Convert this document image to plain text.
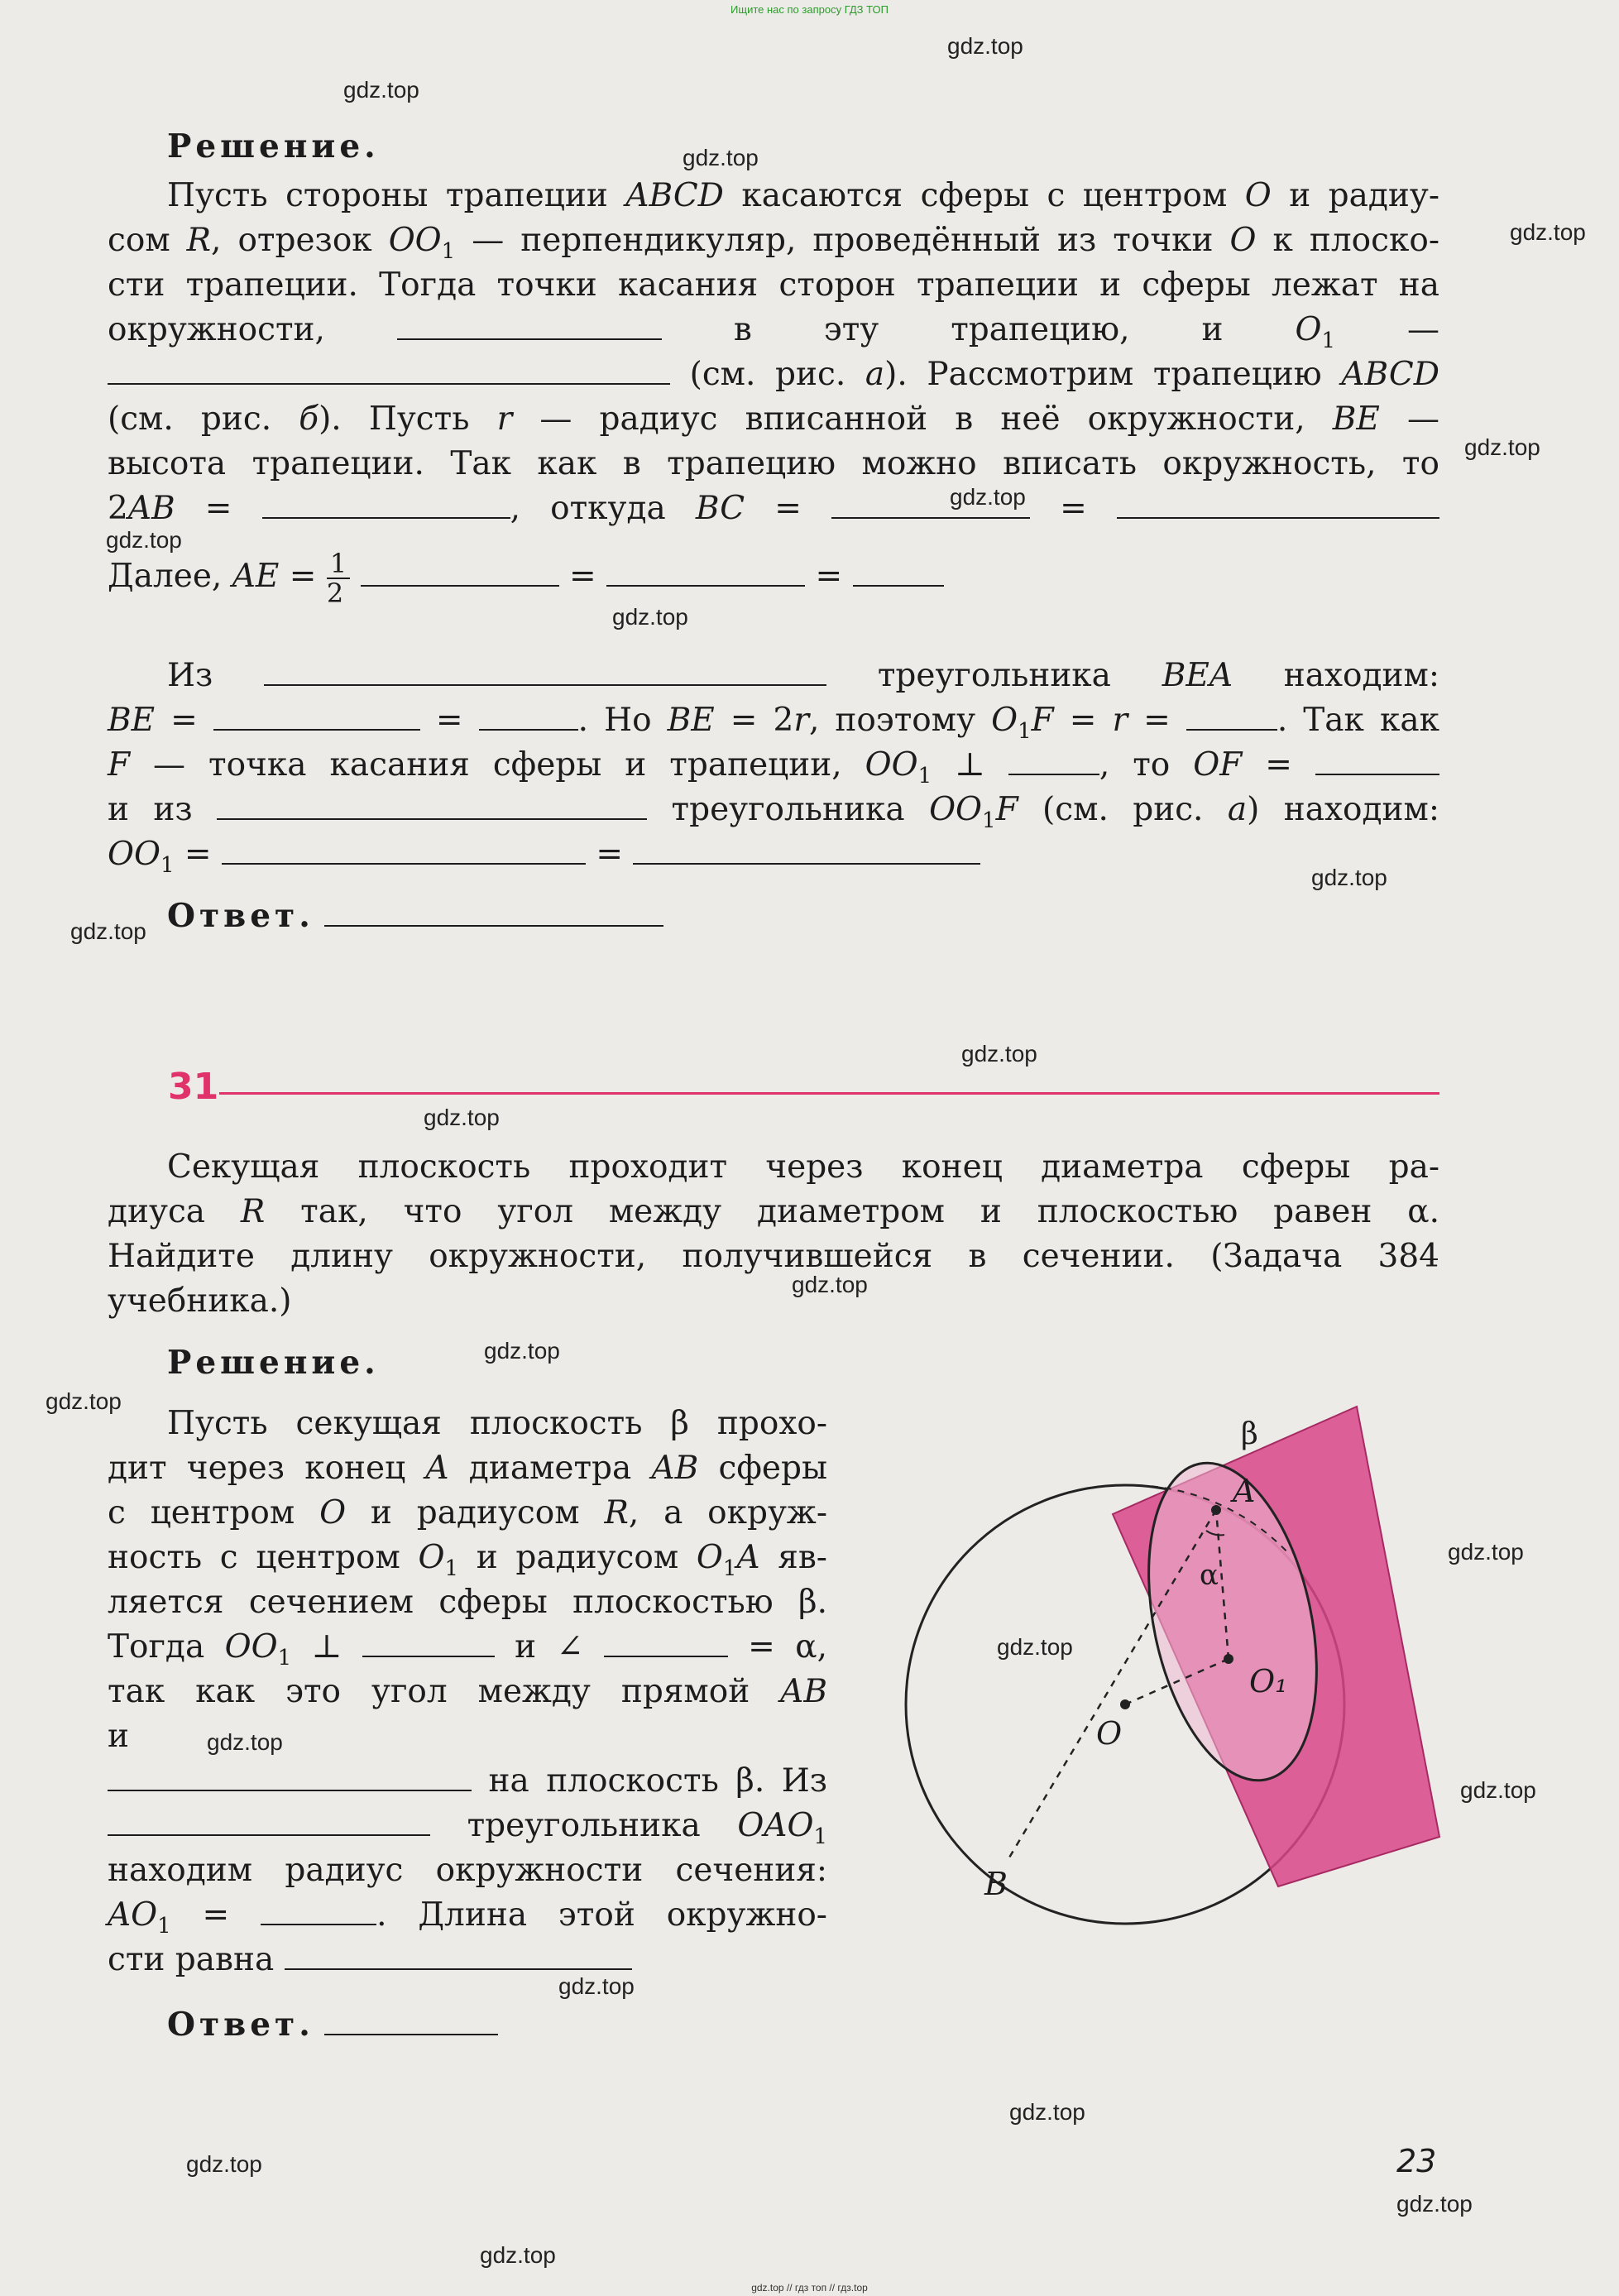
Ищите нас по запросу ГДЗ ТОП
Решение.
Пусть стороны трапеции ABCD касаются сферы с центром O и радиу-
сом R, отрезок $OO_1$ — перпендикуляр, проведённый из точки O к плоско-
сти трапеции. Тогда точки касания сторон трапеции и сферы лежат на
окружности,	в эту трапецию, и $O_1$ —
(см. рис. а). Рассмотрим трапецию ABCD
(см. рис. б). Пусть r — радиус вписанной в неё окружности, BE —
высота трапеции. Так как в трапецию можно вписать окружность, то
2AB =	, откуда BC =	=
Далее, AE = $\frac{1}{2}$	=	=
Из	треугольника BEA находим:
BE =	=	. Но BE = 2r, поэтому $O_1F = r$ =	. Так как
F — точка касания сферы и трапеции, $OO_1$ ⊥	, то OF =
и из	треугольника $OO_1F$ (см. рис. а) находим:
$OO_1$ =	=
Ответ.
31
Секущая плоскость проходит через конец диаметра сферы ра-
диуса R так, что угол между диаметром и плоскостью равен α.
Найдите длину окружности, получившейся в сечении. (Задача 384
учебника.)
Решение.
Пусть секущая плоскость β прохо-
дит через конец A диаметра AB сферы
с центром O и радиусом R, а окруж-
ность с центром $O_1$ и радиусом $O_1A$ яв-
ляется сечением сферы плоскостью β.
Тогда $OO_1$ ⊥	и ∠	= α,
так как это угол между прямой AB
и
на плоскость β. Из
треугольника $OAO_1$
находим радиус окружности сечения:
$AO_1$ =	. Длина этой окружно-
сти равна
Ответ.
β
A
α
O₁
O
B
23
gdz.top
gdz.top
gdz.top
gdz.top
gdz.top
gdz.top
gdz.top
gdz.top
gdz.top
gdz.top
gdz.top
gdz.top
gdz.top
gdz.top
gdz.top
gdz.top
gdz.top
gdz.top
gdz.top
gdz.top
gdz.top
gdz.top
gdz.top
gdz.top
gdz.top // гдз топ // гдз.top
